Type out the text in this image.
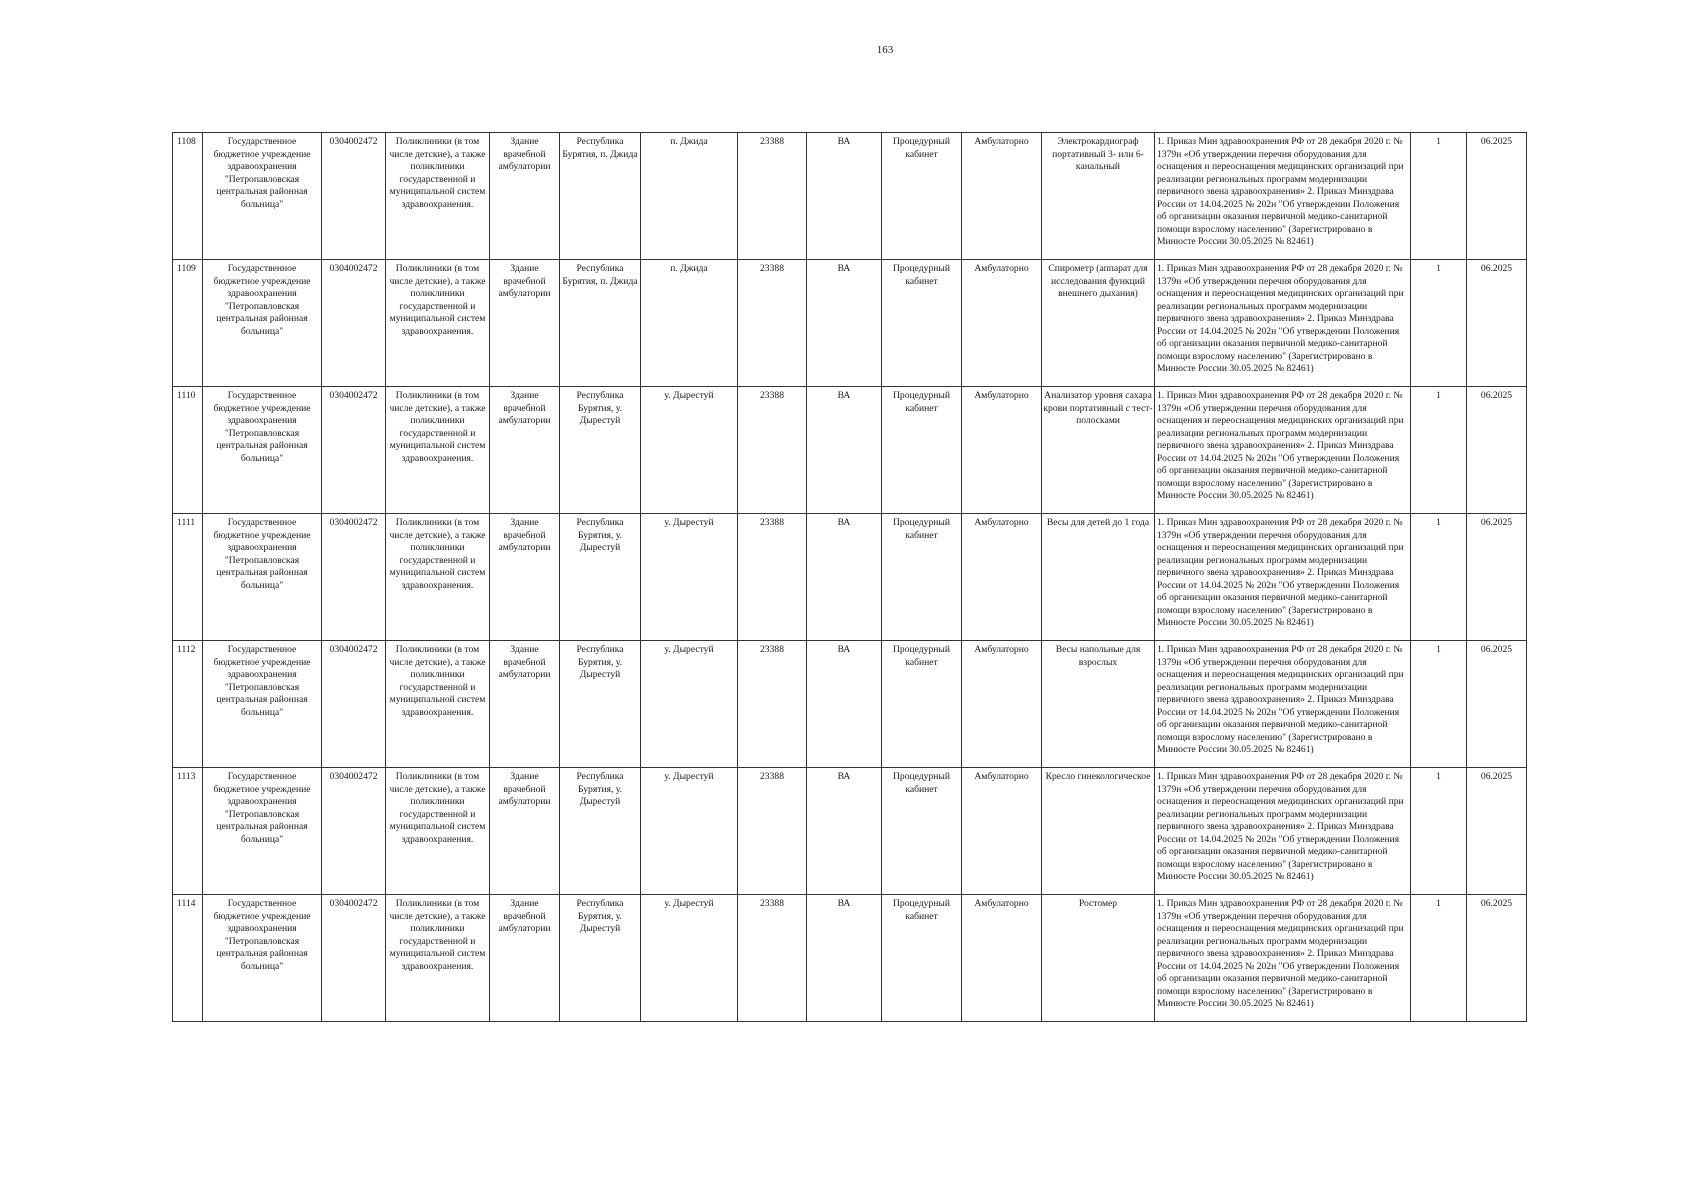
163
1108	Государственное бюджетное учреждение здравоохранения "Петропавловская центральная районная больница"	0304002472	Поликлиники (в том числе детские), а также поликлиники государственной и муниципальной систем здравоохранения.	Здание врачебной амбулатории	Республика Бурятия, п. Джида	п. Джида	23388	ВА	Процедурный кабинет	Амбулаторно	Электрокардиограф портативный 3- или 6-канальный	1. Приказ Мин здравоохранения РФ от 28 декабря 2020 г. № 1379н «Об утверждении перечня оборудования для оснащения и переоснащения медицинских организаций при реализации региональных программ модернизации первичного звена здравоохранения» 2. Приказ Минздрава России от 14.04.2025 № 202н "Об утверждении Положения об организации оказания первичной медико-санитарной помощи взрослому населению" (Зарегистрировано в Минюсте России 30.05.2025 № 82461)	1	06.2025
1109	Государственное бюджетное учреждение здравоохранения "Петропавловская центральная районная больница"	0304002472	Поликлиники (в том числе детские), а также поликлиники государственной и муниципальной систем здравоохранения.	Здание врачебной амбулатории	Республика Бурятия, п. Джида	п. Джида	23388	ВА	Процедурный кабинет	Амбулаторно	Спирометр (аппарат для исследования функций внешнего дыхания)	1. Приказ Мин здравоохранения РФ от 28 декабря 2020 г. № 1379н «Об утверждении перечня оборудования для оснащения и переоснащения медицинских организаций при реализации региональных программ модернизации первичного звена здравоохранения» 2. Приказ Минздрава России от 14.04.2025 № 202н "Об утверждении Положения об организации оказания первичной медико-санитарной помощи взрослому населению" (Зарегистрировано в Минюсте России 30.05.2025 № 82461)	1	06.2025
1110	Государственное бюджетное учреждение здравоохранения "Петропавловская центральная районная больница"	0304002472	Поликлиники (в том числе детские), а также поликлиники государственной и муниципальной систем здравоохранения.	Здание врачебной амбулатории	Республика Бурятия, у. Дырестуй	у. Дырестуй	23388	ВА	Процедурный кабинет	Амбулаторно	Анализатор уровня сахара крови портативный с тест-полосками	1. Приказ Мин здравоохранения РФ от 28 декабря 2020 г. № 1379н «Об утверждении перечня оборудования для оснащения и переоснащения медицинских организаций при реализации региональных программ модернизации первичного звена здравоохранения» 2. Приказ Минздрава России от 14.04.2025 № 202н "Об утверждении Положения об организации оказания первичной медико-санитарной помощи взрослому населению" (Зарегистрировано в Минюсте России 30.05.2025 № 82461)	1	06.2025
1111	Государственное бюджетное учреждение здравоохранения "Петропавловская центральная районная больница"	0304002472	Поликлиники (в том числе детские), а также поликлиники государственной и муниципальной систем здравоохранения.	Здание врачебной амбулатории	Республика Бурятия, у. Дырестуй	у. Дырестуй	23388	ВА	Процедурный кабинет	Амбулаторно	Весы для детей до 1 года	1. Приказ Мин здравоохранения РФ от 28 декабря 2020 г. № 1379н «Об утверждении перечня оборудования для оснащения и переоснащения медицинских организаций при реализации региональных программ модернизации первичного звена здравоохранения» 2. Приказ Минздрава России от 14.04.2025 № 202н "Об утверждении Положения об организации оказания первичной медико-санитарной помощи взрослому населению" (Зарегистрировано в Минюсте России 30.05.2025 № 82461)	1	06.2025
1112	Государственное бюджетное учреждение здравоохранения "Петропавловская центральная районная больница"	0304002472	Поликлиники (в том числе детские), а также поликлиники государственной и муниципальной систем здравоохранения.	Здание врачебной амбулатории	Республика Бурятия, у. Дырестуй	у. Дырестуй	23388	ВА	Процедурный кабинет	Амбулаторно	Весы напольные для взрослых	1. Приказ Мин здравоохранения РФ от 28 декабря 2020 г. № 1379н «Об утверждении перечня оборудования для оснащения и переоснащения медицинских организаций при реализации региональных программ модернизации первичного звена здравоохранения» 2. Приказ Минздрава России от 14.04.2025 № 202н "Об утверждении Положения об организации оказания первичной медико-санитарной помощи взрослому населению" (Зарегистрировано в Минюсте России 30.05.2025 № 82461)	1	06.2025
1113	Государственное бюджетное учреждение здравоохранения "Петропавловская центральная районная больница"	0304002472	Поликлиники (в том числе детские), а также поликлиники государственной и муниципальной систем здравоохранения.	Здание врачебной амбулатории	Республика Бурятия, у. Дырестуй	у. Дырестуй	23388	ВА	Процедурный кабинет	Амбулаторно	Кресло гинекологическое	1. Приказ Мин здравоохранения РФ от 28 декабря 2020 г. № 1379н «Об утверждении перечня оборудования для оснащения и переоснащения медицинских организаций при реализации региональных программ модернизации первичного звена здравоохранения» 2. Приказ Минздрава России от 14.04.2025 № 202н "Об утверждении Положения об организации оказания первичной медико-санитарной помощи взрослому населению" (Зарегистрировано в Минюсте России 30.05.2025 № 82461)	1	06.2025
1114	Государственное бюджетное учреждение здравоохранения "Петропавловская центральная районная больница"	0304002472	Поликлиники (в том числе детские), а также поликлиники государственной и муниципальной систем здравоохранения.	Здание врачебной амбулатории	Республика Бурятия, у. Дырестуй	у. Дырестуй	23388	ВА	Процедурный кабинет	Амбулаторно	Ростомер	1. Приказ Мин здравоохранения РФ от 28 декабря 2020 г. № 1379н «Об утверждении перечня оборудования для оснащения и переоснащения медицинских организаций при реализации региональных программ модернизации первичного звена здравоохранения» 2. Приказ Минздрава России от 14.04.2025 № 202н "Об утверждении Положения об организации оказания первичной медико-санитарной помощи взрослому населению" (Зарегистрировано в Минюсте России 30.05.2025 № 82461)	1	06.2025
